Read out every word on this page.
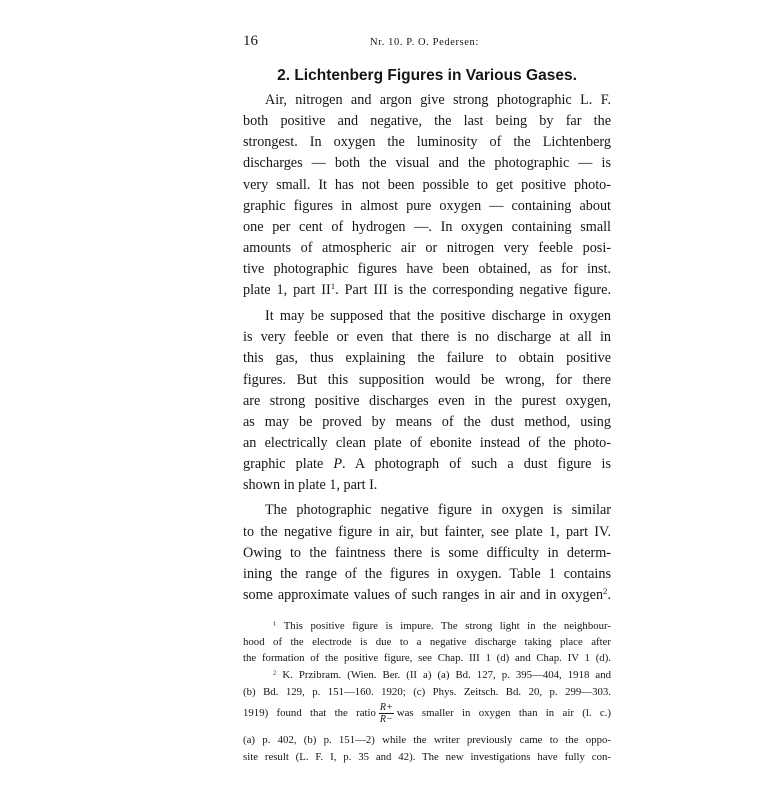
16	Nr. 10. P. O. Pedersen:
2. Lichtenberg Figures in Various Gases.
Air, nitrogen and argon give strong photographic L. F.
both positive and negative, the last being by far the
strongest. In oxygen the luminosity of the Lichtenberg
discharges — both the visual and the photographic — is
very small. It has not been possible to get positive photo-
graphic figures in almost pure oxygen — containing about
one per cent of hydrogen —. In oxygen containing small
amounts of atmospheric air or nitrogen very feeble posi-
tive photographic figures have been obtained, as for inst.
plate 1, part $II^1$. Part III is the corresponding negative figure.
It may be supposed that the positive discharge in oxygen
is very feeble or even that there is no discharge at all in
this gas, thus explaining the failure to obtain positive
figures. But this supposition would be wrong, for there
are strong positive discharges even in the purest oxygen,
as may be proved by means of the dust method, using
an electrically clean plate of ebonite instead of the photo-
graphic plate P. A photograph of such a dust figure is
shown in plate 1, part I.
The photographic negative figure in oxygen is similar
to the negative figure in air, but fainter, see plate 1, part IV.
Owing to the faintness there is some difficulty in determ-
ining the range of the figures in oxygen. Table 1 contains
some approximate values of such ranges in air and in oxygen$^2$.
$^1$ This positive figure is impure. The strong light in the neighbour-
hood of the electrode is due to a negative discharge taking place after
the formation of the positive figure, see Chap. III 1 (d) and Chap. IV 1 (d).
$^2$ K. Przibram. (Wien. Ber. (II a) (a) Bd. 127, p. 395—404, 1918 and
(b) Bd. 129, p. 151—160. 1920; (c) Phys. Zeitsch. Bd. 20, p. 299—303.
1919) found that the ratio $\frac{R+}{R-}$ was smaller in oxygen than in air (l. c.)
(a) p. 402, (b) p. 151—2) while the writer previously came to the oppo-
site result (L. F. I, p. 35 and 42). The new investigations have fully con-
